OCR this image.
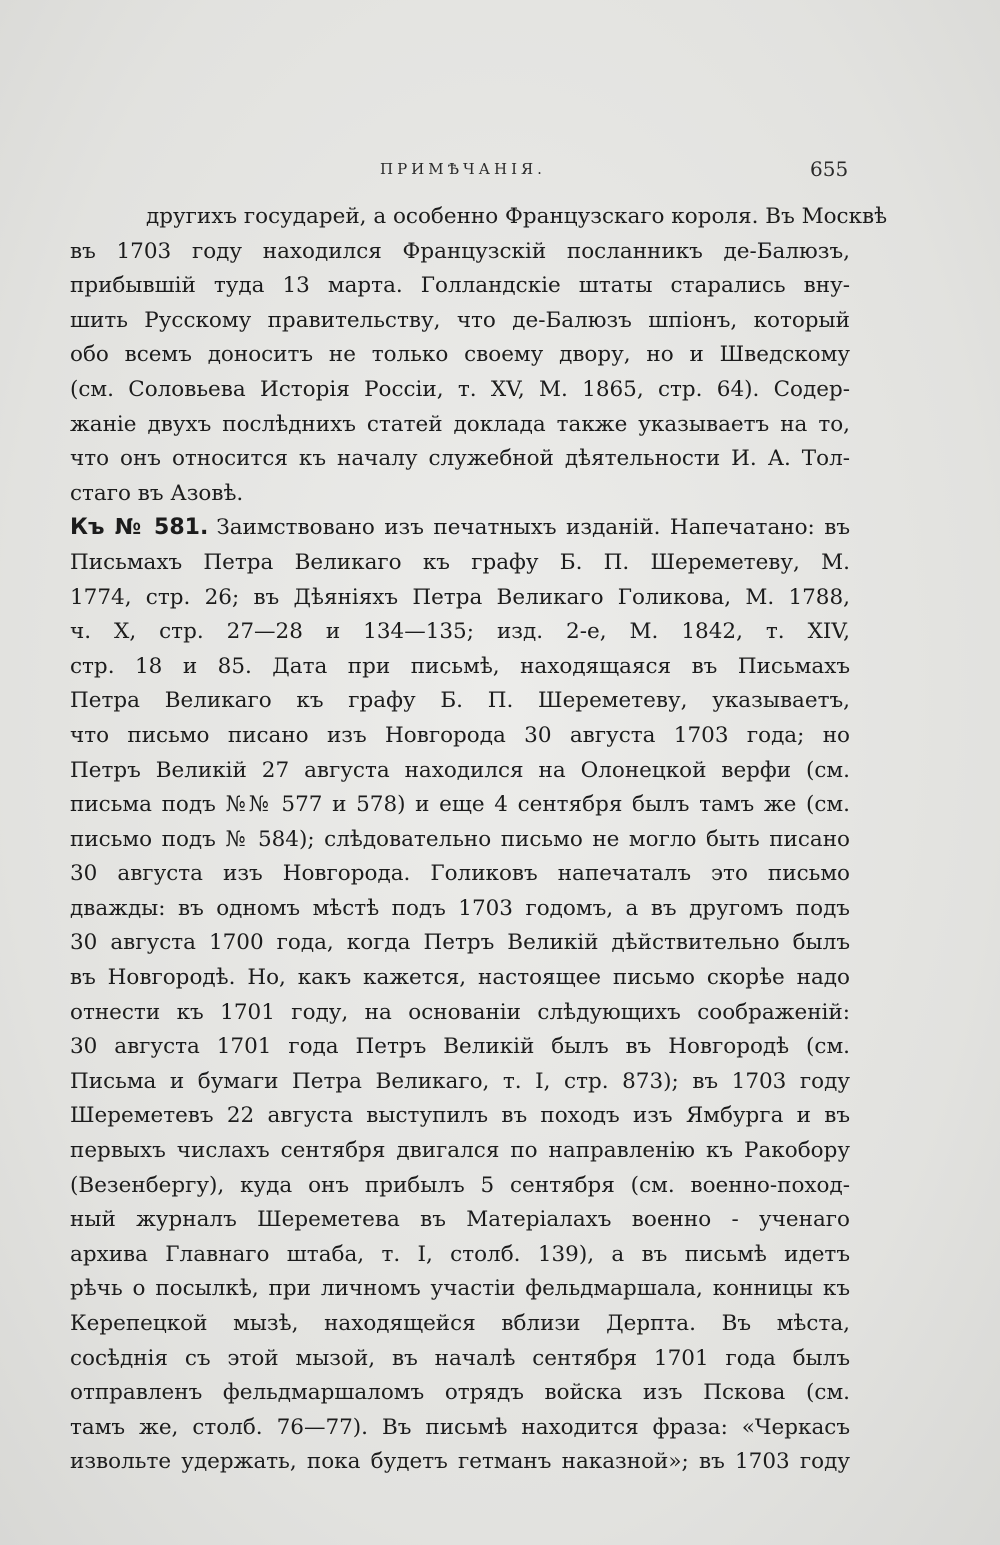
ПРИМѢЧАНІЯ.	655
другихъ государей, а особенно Французскаго короля. Въ Москвѣ
въ 1703 году находился Французскій посланникъ де-Балюзъ,
прибывшій туда 13 марта. Голландскіе штаты старались вну-
шить Русскому правительству, что де-Балюзъ шпіонъ, который
обо всемъ доноситъ не только своему двору, но и Шведскому
(см. Соловьева Исторія Россіи, т. XV, М. 1865, стр. 64). Содер-
жаніе двухъ послѣднихъ статей доклада также указываетъ на то,
что онъ относится къ началу служебной дѣятельности И. А. Тол-
стаго въ Азовѣ.
Къ № 581. Заимствовано изъ печатныхъ изданій. Напечатано: въ
Письмахъ Петра Великаго къ графу Б. П. Шереметеву, М.
1774, стр. 26; въ Дѣяніяхъ Петра Великаго Голикова, М. 1788,
ч. X, стр. 27—28 и 134—135; изд. 2-е, М. 1842, т. XIV,
стр. 18 и 85. Дата при письмѣ, находящаяся въ Письмахъ
Петра Великаго къ графу Б. П. Шереметеву, указываетъ,
что письмо писано изъ Новгорода 30 августа 1703 года; но
Петръ Великій 27 августа находился на Олонецкой верфи (см.
письма подъ №№ 577 и 578) и еще 4 сентября былъ тамъ же (см.
письмо подъ № 584); слѣдовательно письмо не могло быть писано
30 августа изъ Новгорода. Голиковъ напечаталъ это письмо
дважды: въ одномъ мѣстѣ подъ 1703 годомъ, а въ другомъ подъ
30 августа 1700 года, когда Петръ Великій дѣйствительно былъ
въ Новгородѣ. Но, какъ кажется, настоящее письмо скорѣе надо
отнести къ 1701 году, на основаніи слѣдующихъ соображеній:
30 августа 1701 года Петръ Великій былъ въ Новгородѣ (см.
Письма и бумаги Петра Великаго, т. I, стр. 873); въ 1703 году
Шереметевъ 22 августа выступилъ въ походъ изъ Ямбурга и въ
первыхъ числахъ сентября двигался по направленію къ Ракобору
(Везенбергу), куда онъ прибылъ 5 сентября (см. военно-поход-
ный журналъ Шереметева въ Матеріалахъ военно - ученаго
архива Главнаго штаба, т. I, столб. 139), а въ письмѣ идетъ
рѣчь о посылкѣ, при личномъ участіи фельдмаршала, конницы къ
Керепецкой мызѣ, находящейся вблизи Дерпта. Въ мѣста,
сосѣднія съ этой мызой, въ началѣ сентября 1701 года былъ
отправленъ фельдмаршаломъ отрядъ войска изъ Пскова (см.
тамъ же, столб. 76—77). Въ письмѣ находится фраза: «Черкасъ
извольте удержать, пока будетъ гетманъ наказной»; въ 1703 году
